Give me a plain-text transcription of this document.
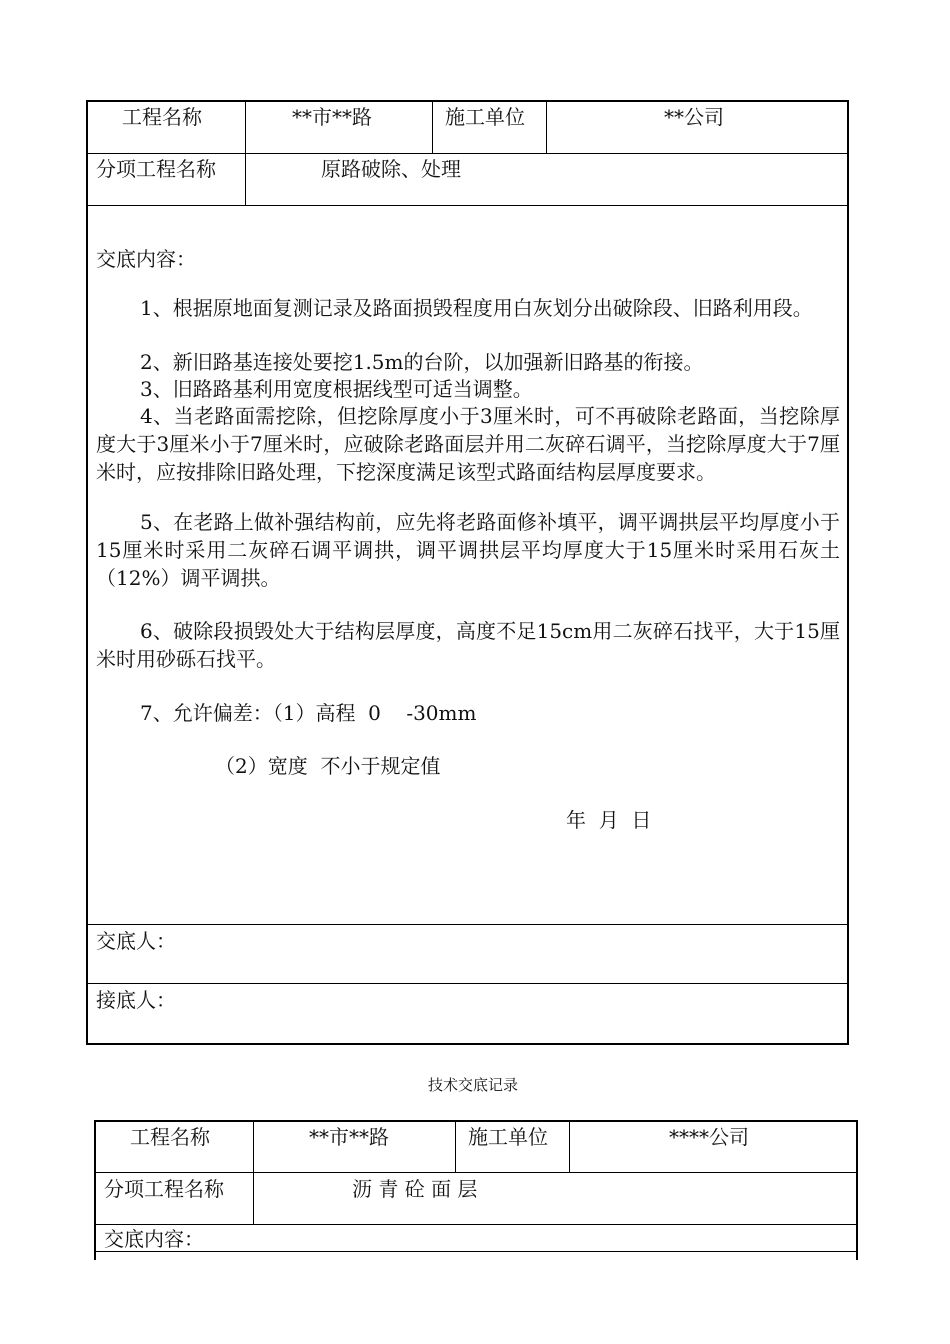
工程名称	**市**路	施工单位	**公司
分项工程名称	原路破除、处理
交底内容：
1、根据原地面复测记录及路面损毁程度用白灰划分出破除段、旧路利用段。
2、新旧路基连接处要挖1.5m的台阶，以加强新旧路基的衔接。
3、旧路路基利用宽度根据线型可适当调整。
4、当老路面需挖除，但挖除厚度小于3厘米时，可不再破除老路面，当挖除厚度大于3厘米小于7厘米时，应破除老路面层并用二灰碎石调平，当挖除厚度大于7厘米时，应按排除旧路处理，下挖深度满足该型式路面结构层厚度要求。
5、在老路上做补强结构前，应先将老路面修补填平，调平调拱层平均厚度小于15厘米时采用二灰碎石调平调拱，调平调拱层平均厚度大于15厘米时采用石灰土（12%）调平调拱。
6、破除段损毁处大于结构层厚度，高度不足15cm用二灰碎石找平，大于15厘米时用砂砾石找平。
7、允许偏差：（1）高程  0    -30mm
（2）宽度  不小于规定值
年  月  日
交底人：
接底人：
技术交底记录
工程名称	**市**路	施工单位	****公司
分项工程名称	沥 青 砼 面 层
交底内容：
